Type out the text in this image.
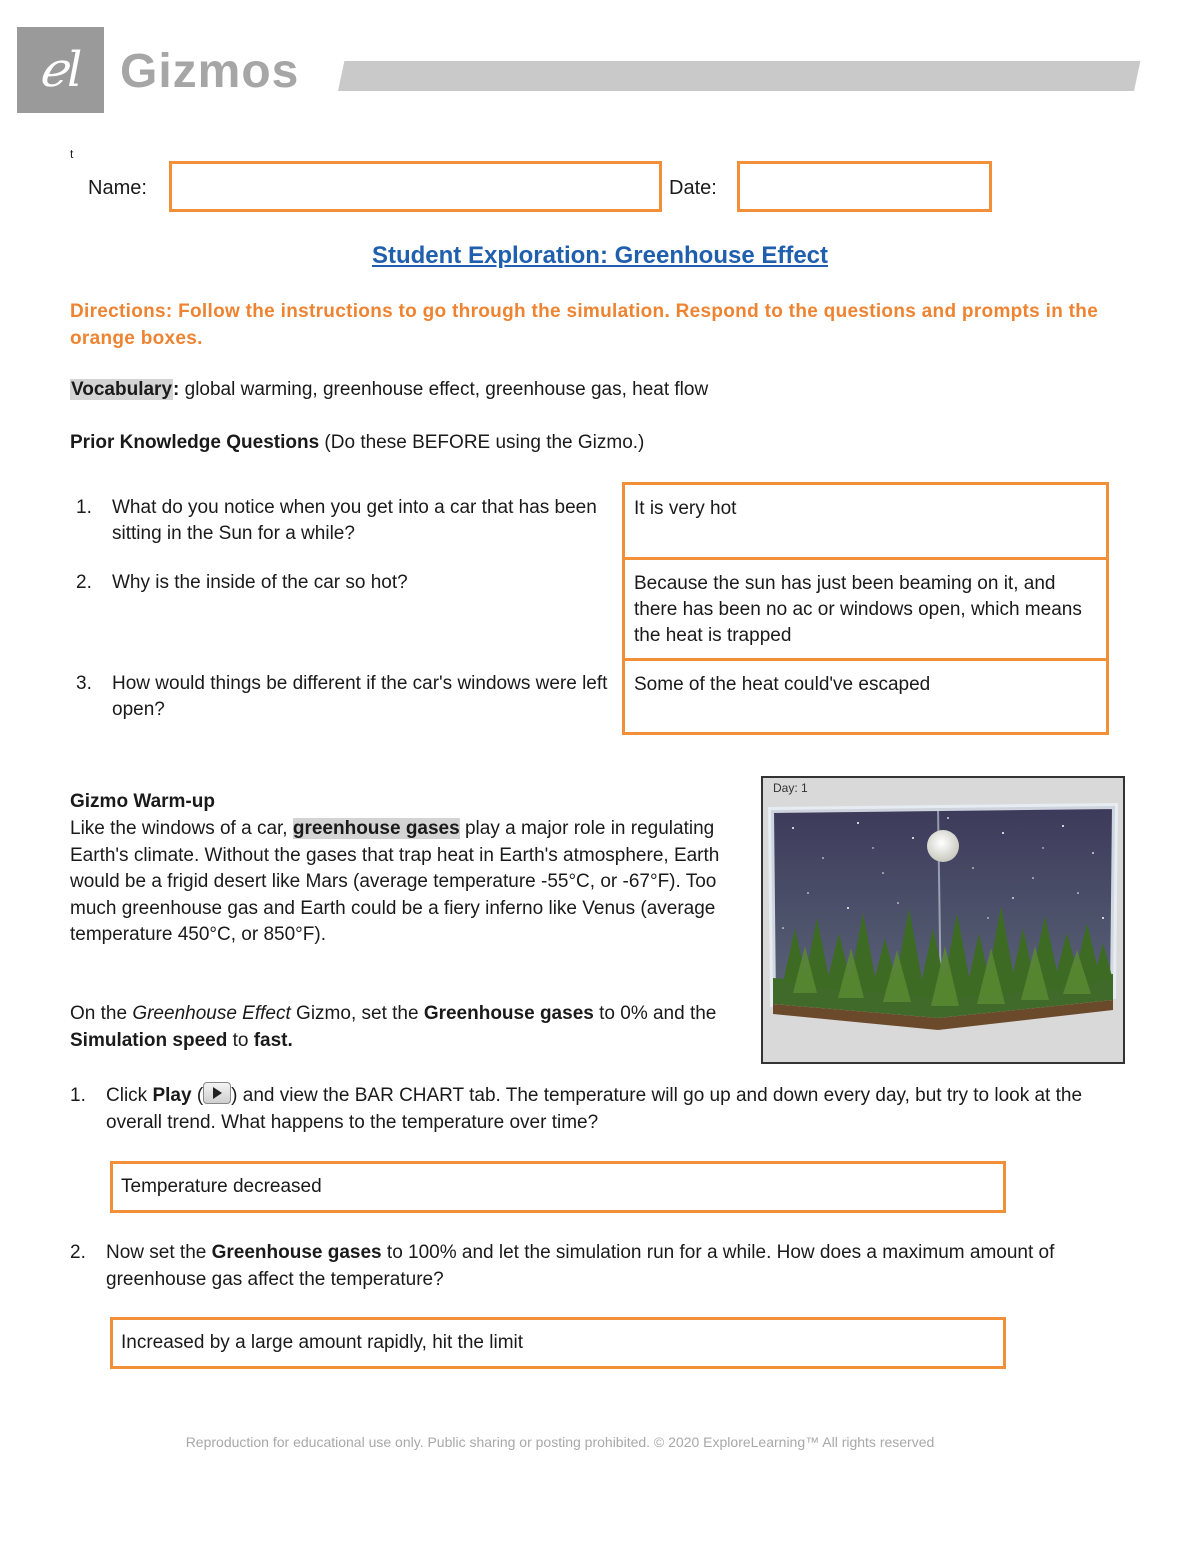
ℯl Gizmos
t
Name:	Date:
Student Exploration: Greenhouse Effect
Directions: Follow the instructions to go through the simulation. Respond to the questions and prompts in the orange boxes.
Vocabulary: global warming, greenhouse effect, greenhouse gas, heat flow
Prior Knowledge Questions (Do these BEFORE using the Gizmo.)
1. What do you notice when you get into a car that has been sitting in the Sun for a while?
It is very hot
2. Why is the inside of the car so hot?	Because the sun has just been beaming on it, and there has been no ac or windows open, which means the heat is trapped
3. How would things be different if the car's windows were left open?
Some of the heat could've escaped
Gizmo Warm-up
Like the windows of a car, greenhouse gases play a major role in regulating Earth's climate. Without the gases that trap heat in Earth's atmosphere, Earth would be a frigid desert like Mars (average temperature -55°C, or -67°F). Too much greenhouse gas and Earth could be a fiery inferno like Venus (average temperature 450°C, or 850°F).
On the Greenhouse Effect Gizmo, set the Greenhouse gases to 0% and the Simulation speed to fast.
Day: 1
1. Click Play ( ) and view the BAR CHART tab. The temperature will go up and down every day, but try to look at the overall trend. What happens to the temperature over time?
Temperature decreased
2. Now set the Greenhouse gases to 100% and let the simulation run for a while. How does a maximum amount of greenhouse gas affect the temperature?
Increased by a large amount rapidly, hit the limit
Reproduction for educational use only. Public sharing or posting prohibited. © 2020 ExploreLearning™ All rights reserved
